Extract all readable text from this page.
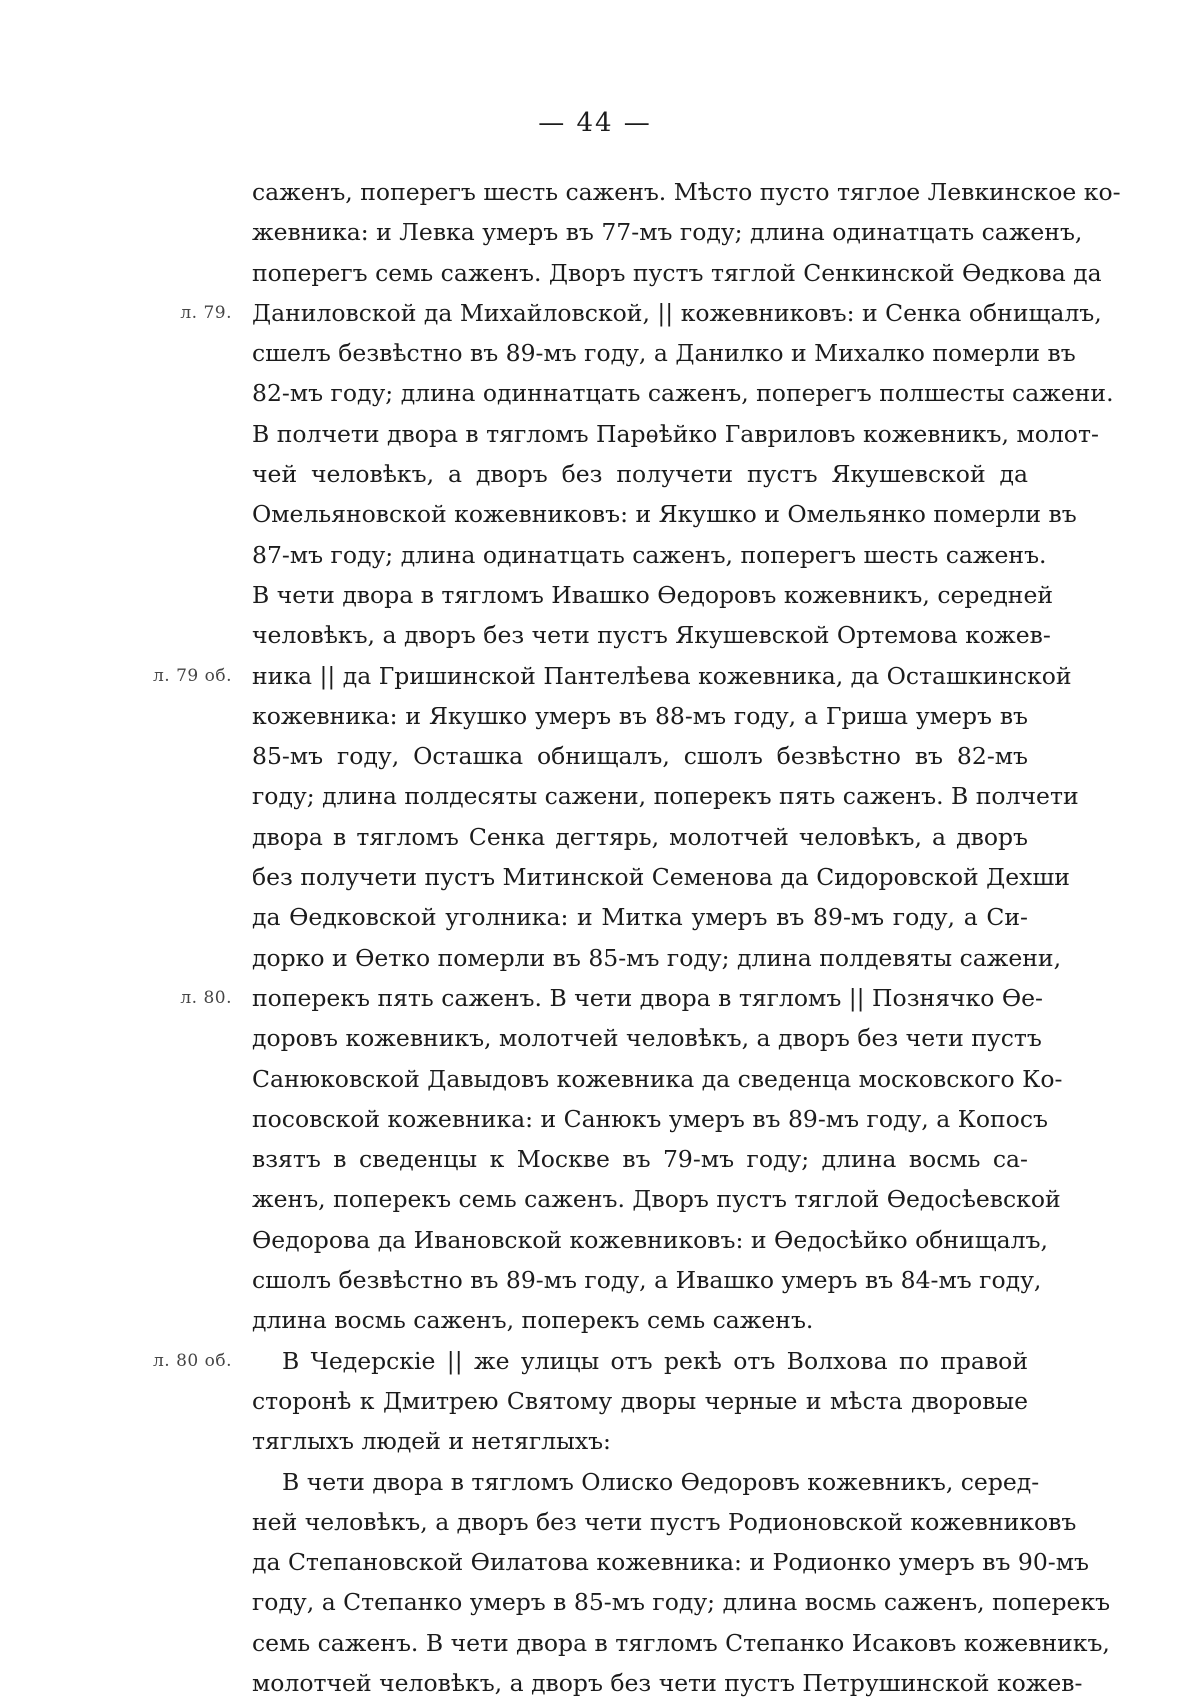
— 44 —
саженъ, поперегъ шесть саженъ. Мѣсто пусто тяглое Левкинское ко-
жевника: и Левка умеръ въ 77-мъ году; длина одинатцать саженъ,
поперегъ семь саженъ. Дворъ пустъ тяглой Сенкинской Ѳедкова да
л. 79. Даниловской да Михайловской, || кожевниковъ: и Сенка обнищалъ,
сшелъ безвѣстно въ 89-мъ году, а Данилко и Михалко померли въ
82-мъ году; длина одиннатцать саженъ, поперегъ полшесты сажени.
В полчети двора в тягломъ Парѳѣйко Гавриловъ кожевникъ, молот-
чей человѣкъ, а дворъ без получети пустъ Якушевской да
Омельяновской кожевниковъ: и Якушко и Омельянко померли въ
87-мъ году; длина одинатцать саженъ, поперегъ шесть саженъ.
В чети двора в тягломъ Ивашко Ѳедоровъ кожевникъ, середней
человѣкъ, а дворъ без чети пустъ Якушевской Ортемова кожев-
л. 79 об. ника || да Гришинской Пантелѣева кожевника, да Осташкинской
кожевника: и Якушко умеръ въ 88-мъ году, а Гриша умеръ въ
85-мъ году, Осташка обнищалъ, сшолъ безвѣстно въ 82-мъ
году; длина полдесяты сажени, поперекъ пять саженъ. В полчети
двора в тягломъ Сенка дегтярь, молотчей человѣкъ, а дворъ
без получети пустъ Митинской Семенова да Сидоровской Дехши
да Ѳедковской уголника: и Митка умеръ въ 89-мъ году, а Си-
дорко и Ѳетко померли въ 85-мъ году; длина полдевяты сажени,
л. 80. поперекъ пять саженъ. В чети двора в тягломъ || Познячко Ѳе-
доровъ кожевникъ, молотчей человѣкъ, а дворъ без чети пустъ
Санюковской Давыдовъ кожевника да сведенца московского Ко-
посовской кожевника: и Санюкъ умеръ въ 89-мъ году, а Копосъ
взятъ в сведенцы к Москве въ 79-мъ году; длина восмь са-
женъ, поперекъ семь саженъ. Дворъ пустъ тяглой Ѳедосѣевской
Ѳедорова да Ивановской кожевниковъ: и Ѳедосѣйко обнищалъ,
сшолъ безвѣстно въ 89-мъ году, а Ивашко умеръ въ 84-мъ году,
длина восмь саженъ, поперекъ семь саженъ.
л. 80 об. В Чедерскіе || же улицы отъ рекѣ отъ Волхова по правой
сторонѣ к Дмитрею Святому дворы черные и мѣста дворовые
тяглыхъ людей и нетяглыхъ:
В чети двора в тягломъ Олиско Ѳедоровъ кожевникъ, серед-
ней человѣкъ, а дворъ без чети пустъ Родионовской кожевниковъ
да Степановской Ѳилатова кожевника: и Родионко умеръ въ 90-мъ
году, а Степанко умеръ в 85-мъ году; длина восмь саженъ, поперекъ
семь саженъ. В чети двора в тягломъ Степанко Исаковъ кожевникъ,
молотчей человѣкъ, а дворъ без чети пустъ Петрушинской кожев-
